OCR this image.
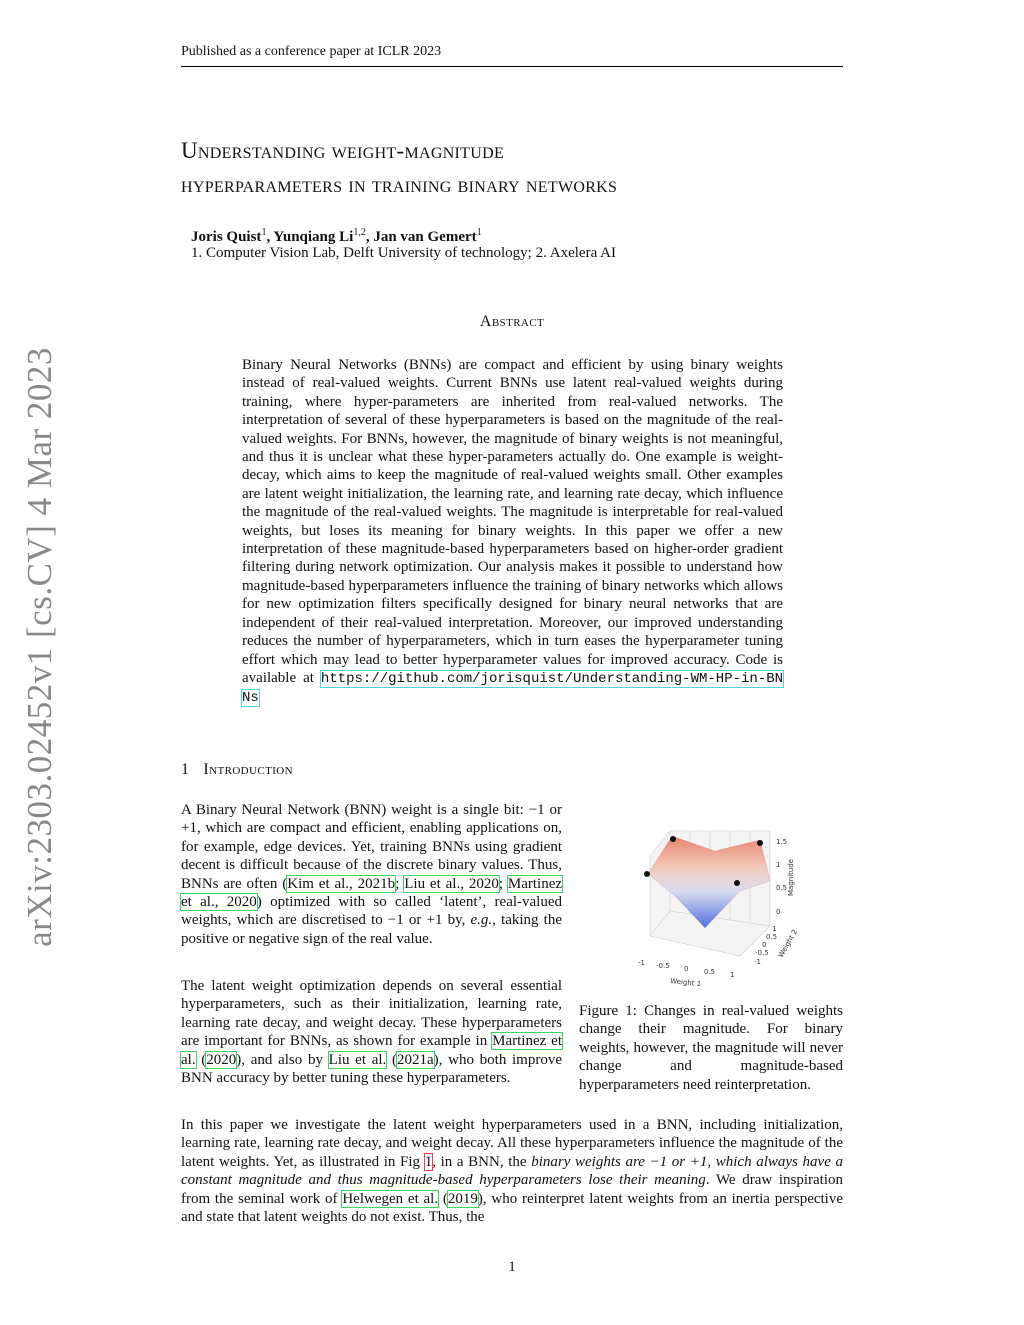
Published as a conference paper at ICLR 2023
arXiv:2303.02452v1 [cs.CV] 4 Mar 2023
Understanding weight-magnitude
hyperparameters in training binary networks
Joris Quist$^1$, Yunqiang Li$^{1,2}$, Jan van Gemert$^1$
1. Computer Vision Lab, Delft University of technology; 2. Axelera AI
Abstract
Binary Neural Networks (BNNs) are compact and efficient by using binary weights instead of real-valued weights. Current BNNs use latent real-valued weights during training, where hyper-parameters are inherited from real-valued networks. The interpretation of several of these hyperparameters is based on the magnitude of the real-valued weights. For BNNs, however, the magnitude of binary weights is not meaningful, and thus it is unclear what these hyper-parameters actually do. One example is weight-decay, which aims to keep the magnitude of real-valued weights small. Other examples are latent weight initialization, the learning rate, and learning rate decay, which influence the magnitude of the real-valued weights. The magnitude is interpretable for real-valued weights, but loses its meaning for binary weights. In this paper we offer a new interpretation of these magnitude-based hyperparameters based on higher-order gradient filtering during network optimization. Our analysis makes it possible to understand how magnitude-based hyperparameters influence the training of binary networks which allows for new optimization filters specifically designed for binary neural networks that are independent of their real-valued interpretation. Moreover, our improved understanding reduces the number of hyperparameters, which in turn eases the hyperparameter tuning effort which may lead to better hyperparameter values for improved accuracy. Code is available at https://github.com/jorisquist/Understanding-WM-HP-in-BNNs
1 Introduction
A Binary Neural Network (BNN) weight is a single bit: −1 or +1, which are compact and efficient, enabling applications on, for example, edge devices. Yet, training BNNs using gradient decent is difficult because of the discrete binary values. Thus, BNNs are often (Kim et al., 2021b; Liu et al., 2020; Martinez et al., 2020) optimized with so called ‘latent’, real-valued weights, which are discretised to −1 or +1 by, e.g., taking the positive or negative sign of the real value.
The latent weight optimization depends on several essential hyperparameters, such as their initialization, learning rate, learning rate decay, and weight decay. These hyperparameters are important for BNNs, as shown for example in Martinez et al. (2020), and also by Liu et al. (2021a), who both improve BNN accuracy by better tuning these hyperparameters.
1.5
1
0.5
0
Magnitude
1
0.5
0
-0.5
-1
Weight 2
-1 -0.5 0 0.5 1
Weight 1
Figure 1: Changes in real-valued weights change their magnitude. For binary weights, however, the magnitude will never change and magnitude-based hyperparameters need reinterpretation.
In this paper we investigate the latent weight hyperparameters used in a BNN, including initialization, learning rate, learning rate decay, and weight decay. All these hyperparameters influence the magnitude of the latent weights. Yet, as illustrated in Fig 1, in a BNN, the binary weights are −1 or +1, which always have a constant magnitude and thus magnitude-based hyperparameters lose their meaning. We draw inspiration from the seminal work of Helwegen et al. (2019), who reinterpret latent weights from an inertia perspective and state that latent weights do not exist. Thus, the
1
